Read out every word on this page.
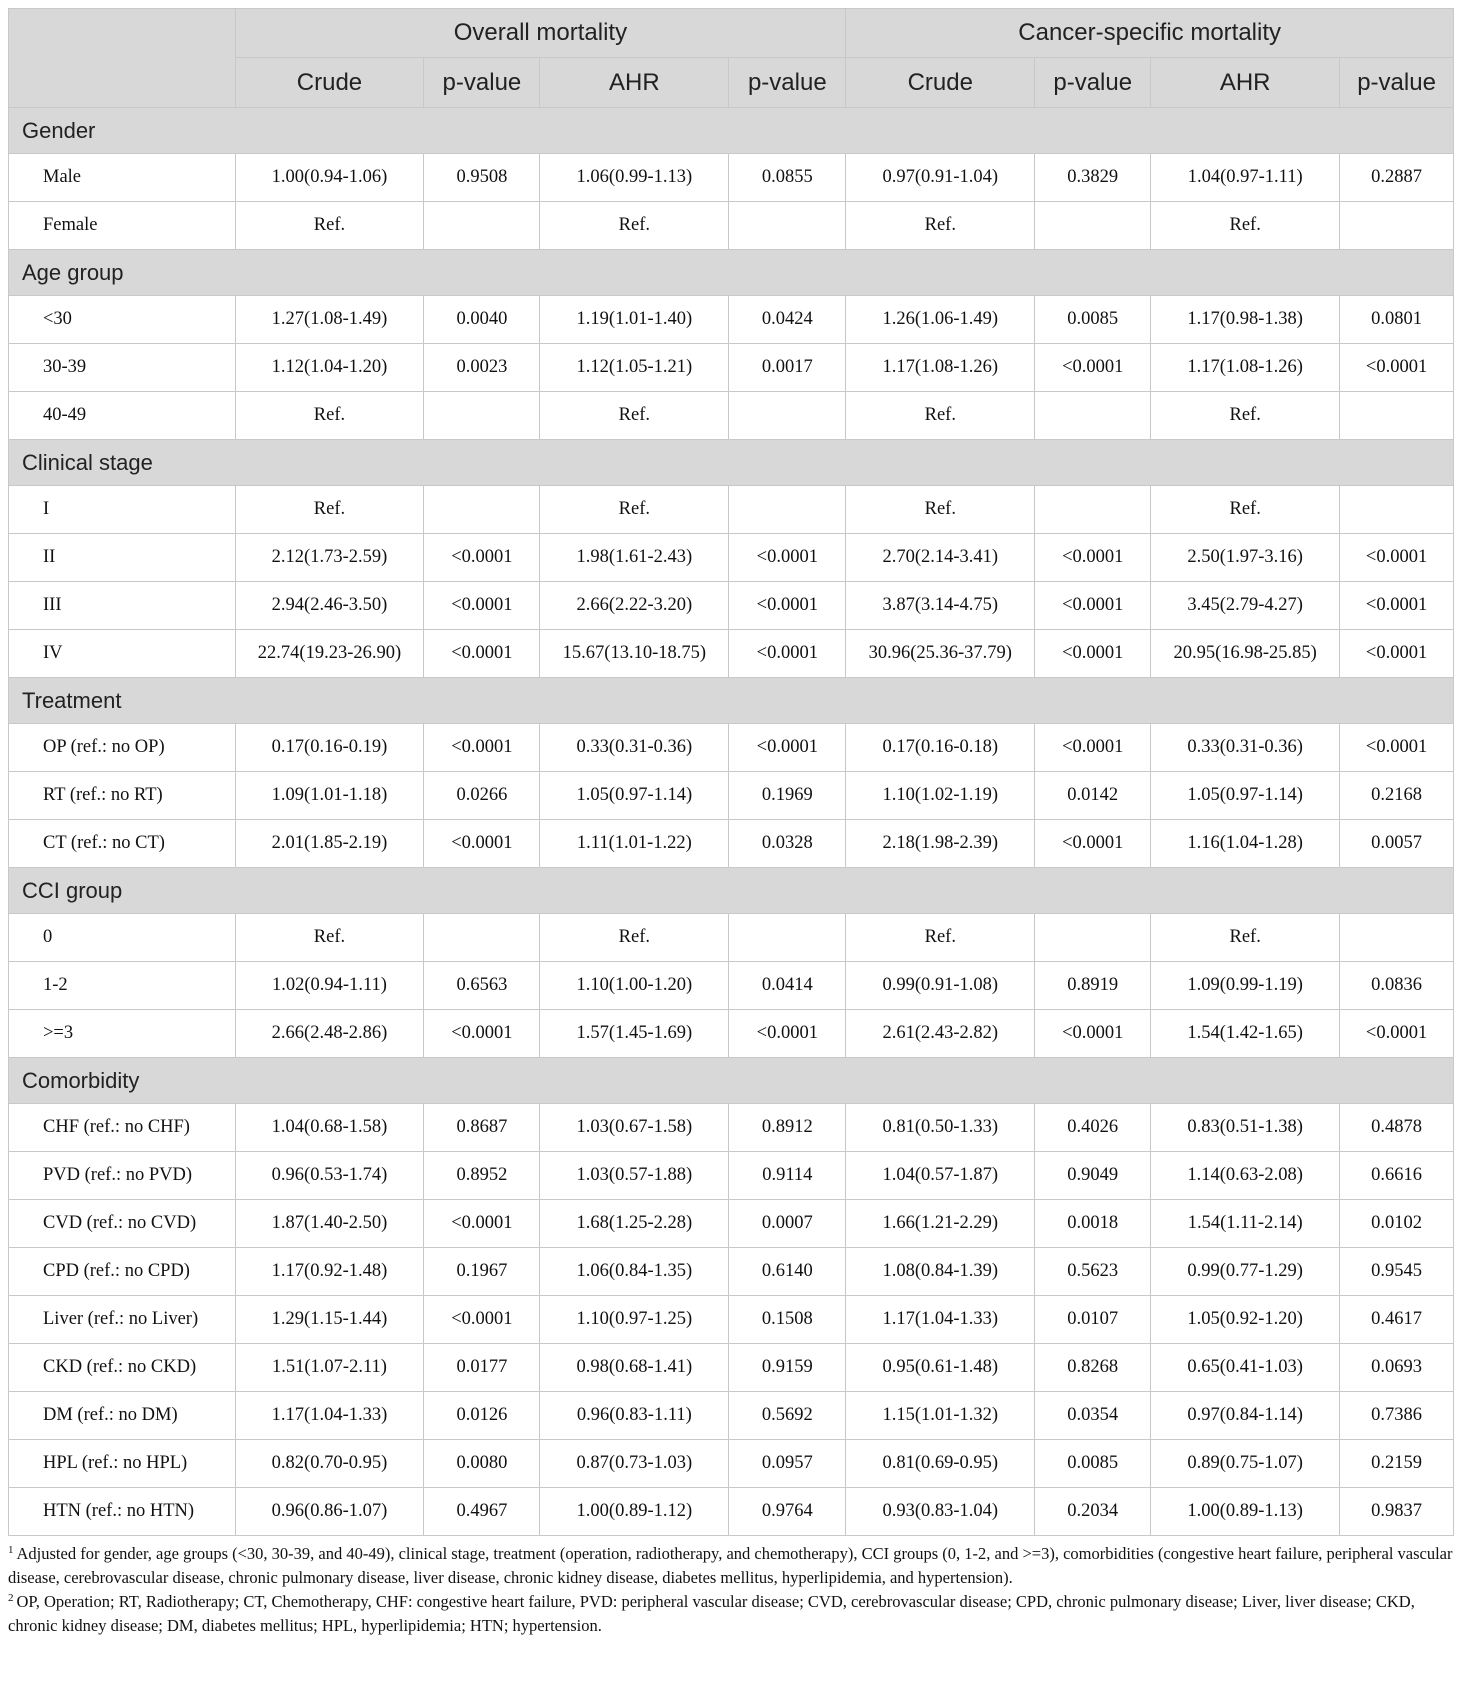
	Overall mortality				Cancer-specific mortality			
	Crude	p-value	AHR	p-value	Crude	p-value	AHR	p-value
Gender								
Male	1.00(0.94-1.06)	0.9508	1.06(0.99-1.13)	0.0855	0.97(0.91-1.04)	0.3829	1.04(0.97-1.11)	0.2887
Female	Ref.		Ref.		Ref.		Ref.	
Age group								
<30	1.27(1.08-1.49)	0.0040	1.19(1.01-1.40)	0.0424	1.26(1.06-1.49)	0.0085	1.17(0.98-1.38)	0.0801
30-39	1.12(1.04-1.20)	0.0023	1.12(1.05-1.21)	0.0017	1.17(1.08-1.26)	<0.0001	1.17(1.08-1.26)	<0.0001
40-49	Ref.		Ref.		Ref.		Ref.	
Clinical stage								
I	Ref.		Ref.		Ref.		Ref.	
II	2.12(1.73-2.59)	<0.0001	1.98(1.61-2.43)	<0.0001	2.70(2.14-3.41)	<0.0001	2.50(1.97-3.16)	<0.0001
III	2.94(2.46-3.50)	<0.0001	2.66(2.22-3.20)	<0.0001	3.87(3.14-4.75)	<0.0001	3.45(2.79-4.27)	<0.0001
IV	22.74(19.23-26.90)	<0.0001	15.67(13.10-18.75)	<0.0001	30.96(25.36-37.79)	<0.0001	20.95(16.98-25.85)	<0.0001
Treatment								
OP (ref.: no OP)	0.17(0.16-0.19)	<0.0001	0.33(0.31-0.36)	<0.0001	0.17(0.16-0.18)	<0.0001	0.33(0.31-0.36)	<0.0001
RT (ref.: no RT)	1.09(1.01-1.18)	0.0266	1.05(0.97-1.14)	0.1969	1.10(1.02-1.19)	0.0142	1.05(0.97-1.14)	0.2168
CT (ref.: no CT)	2.01(1.85-2.19)	<0.0001	1.11(1.01-1.22)	0.0328	2.18(1.98-2.39)	<0.0001	1.16(1.04-1.28)	0.0057
CCI group								
0	Ref.		Ref.		Ref.		Ref.	
1-2	1.02(0.94-1.11)	0.6563	1.10(1.00-1.20)	0.0414	0.99(0.91-1.08)	0.8919	1.09(0.99-1.19)	0.0836
>=3	2.66(2.48-2.86)	<0.0001	1.57(1.45-1.69)	<0.0001	2.61(2.43-2.82)	<0.0001	1.54(1.42-1.65)	<0.0001
Comorbidity								
CHF (ref.: no CHF)	1.04(0.68-1.58)	0.8687	1.03(0.67-1.58)	0.8912	0.81(0.50-1.33)	0.4026	0.83(0.51-1.38)	0.4878
PVD (ref.: no PVD)	0.96(0.53-1.74)	0.8952	1.03(0.57-1.88)	0.9114	1.04(0.57-1.87)	0.9049	1.14(0.63-2.08)	0.6616
CVD (ref.: no CVD)	1.87(1.40-2.50)	<0.0001	1.68(1.25-2.28)	0.0007	1.66(1.21-2.29)	0.0018	1.54(1.11-2.14)	0.0102
CPD (ref.: no CPD)	1.17(0.92-1.48)	0.1967	1.06(0.84-1.35)	0.6140	1.08(0.84-1.39)	0.5623	0.99(0.77-1.29)	0.9545
Liver (ref.: no Liver)	1.29(1.15-1.44)	<0.0001	1.10(0.97-1.25)	0.1508	1.17(1.04-1.33)	0.0107	1.05(0.92-1.20)	0.4617
CKD (ref.: no CKD)	1.51(1.07-2.11)	0.0177	0.98(0.68-1.41)	0.9159	0.95(0.61-1.48)	0.8268	0.65(0.41-1.03)	0.0693
DM (ref.: no DM)	1.17(1.04-1.33)	0.0126	0.96(0.83-1.11)	0.5692	1.15(1.01-1.32)	0.0354	0.97(0.84-1.14)	0.7386
HPL (ref.: no HPL)	0.82(0.70-0.95)	0.0080	0.87(0.73-1.03)	0.0957	0.81(0.69-0.95)	0.0085	0.89(0.75-1.07)	0.2159
HTN (ref.: no HTN)	0.96(0.86-1.07)	0.4967	1.00(0.89-1.12)	0.9764	0.93(0.83-1.04)	0.2034	1.00(0.89-1.13)	0.9837
$^1$ Adjusted for gender, age groups (<30, 30-39, and 40-49), clinical stage, treatment (operation, radiotherapy, and chemotherapy), CCI groups (0, 1-2, and >=3), comorbidities (congestive heart failure, peripheral vascular disease, cerebrovascular disease, chronic pulmonary disease, liver disease, chronic kidney disease, diabetes mellitus, hyperlipidemia, and hypertension).
$^2$ OP, Operation; RT, Radiotherapy; CT, Chemotherapy, CHF: congestive heart failure, PVD: peripheral vascular disease; CVD, cerebrovascular disease; CPD, chronic pulmonary disease; Liver, liver disease; CKD, chronic kidney disease; DM, diabetes mellitus; HPL, hyperlipidemia; HTN; hypertension.
